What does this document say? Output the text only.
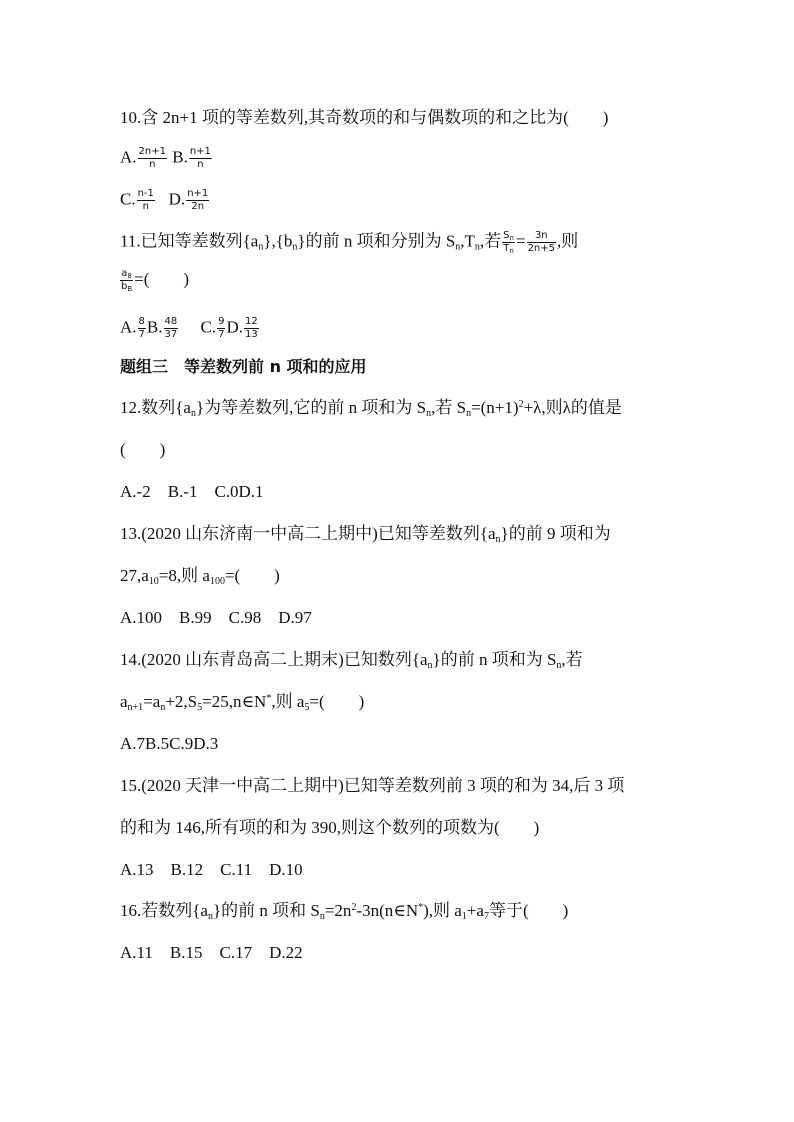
10.含 2n+1 项的等差数列,其奇数项的和与偶数项的和之比为(　　)
A. $\frac{2n+1}{n} B$. $\frac{n+1}{n}$
C. $\frac{n-1}{n} D$. $\frac{n+1}{2n}$
11.已知等差数列$\{a_n\},\{b_n\}$的前 n 项和分别为 $S_n,T_n$,若 $\frac{S_n}{T_n} = \frac{3n}{2n+5}$ ,则
$\frac{a_8}{b_B}$ =(　　)
A. $\frac{8}{7} B$. $\frac{48}{37} C$. $\frac{9}{7} D$. $\frac{12}{13}$
题组三　等差数列前 n 项和的应用
12.数列$\{a_n\}$为等差数列,它的前 n 项和为 $S_n$,若 $S_n=(n+1)^2+\lambda$,则λ的值是
(　　)
A.-2　B.-1　C.0D.1
13.(2020 山东济南一中高二上期中)已知等差数列$\{a_n\}$的前 9 项和为
$27,a_{10}=8$,则 $a_{100}=$(　　)
A.100　B.99　C.98　D.97
14.(2020 山东青岛高二上期末)已知数列$\{a_n\}$的前 n 项和为 $S_n$,若
$a_{n+1}=a_n+2,S_5=25,n\in N^*$,则 $a_5=$(　　)
A.7B.5C.9D.3
15.(2020 天津一中高二上期中)已知等差数列前 3 项的和为 34,后 3 项
的和为 146,所有项的和为 390,则这个数列的项数为(　　)
A.13　B.12　C.11　D.10
16.若数列$\{a_n\}$的前 n 项和 $S_n=2n^2-3n(n\in N^*)$,则 $a_1+a_7$等于(　　)
A.11　B.15　C.17　D.22
